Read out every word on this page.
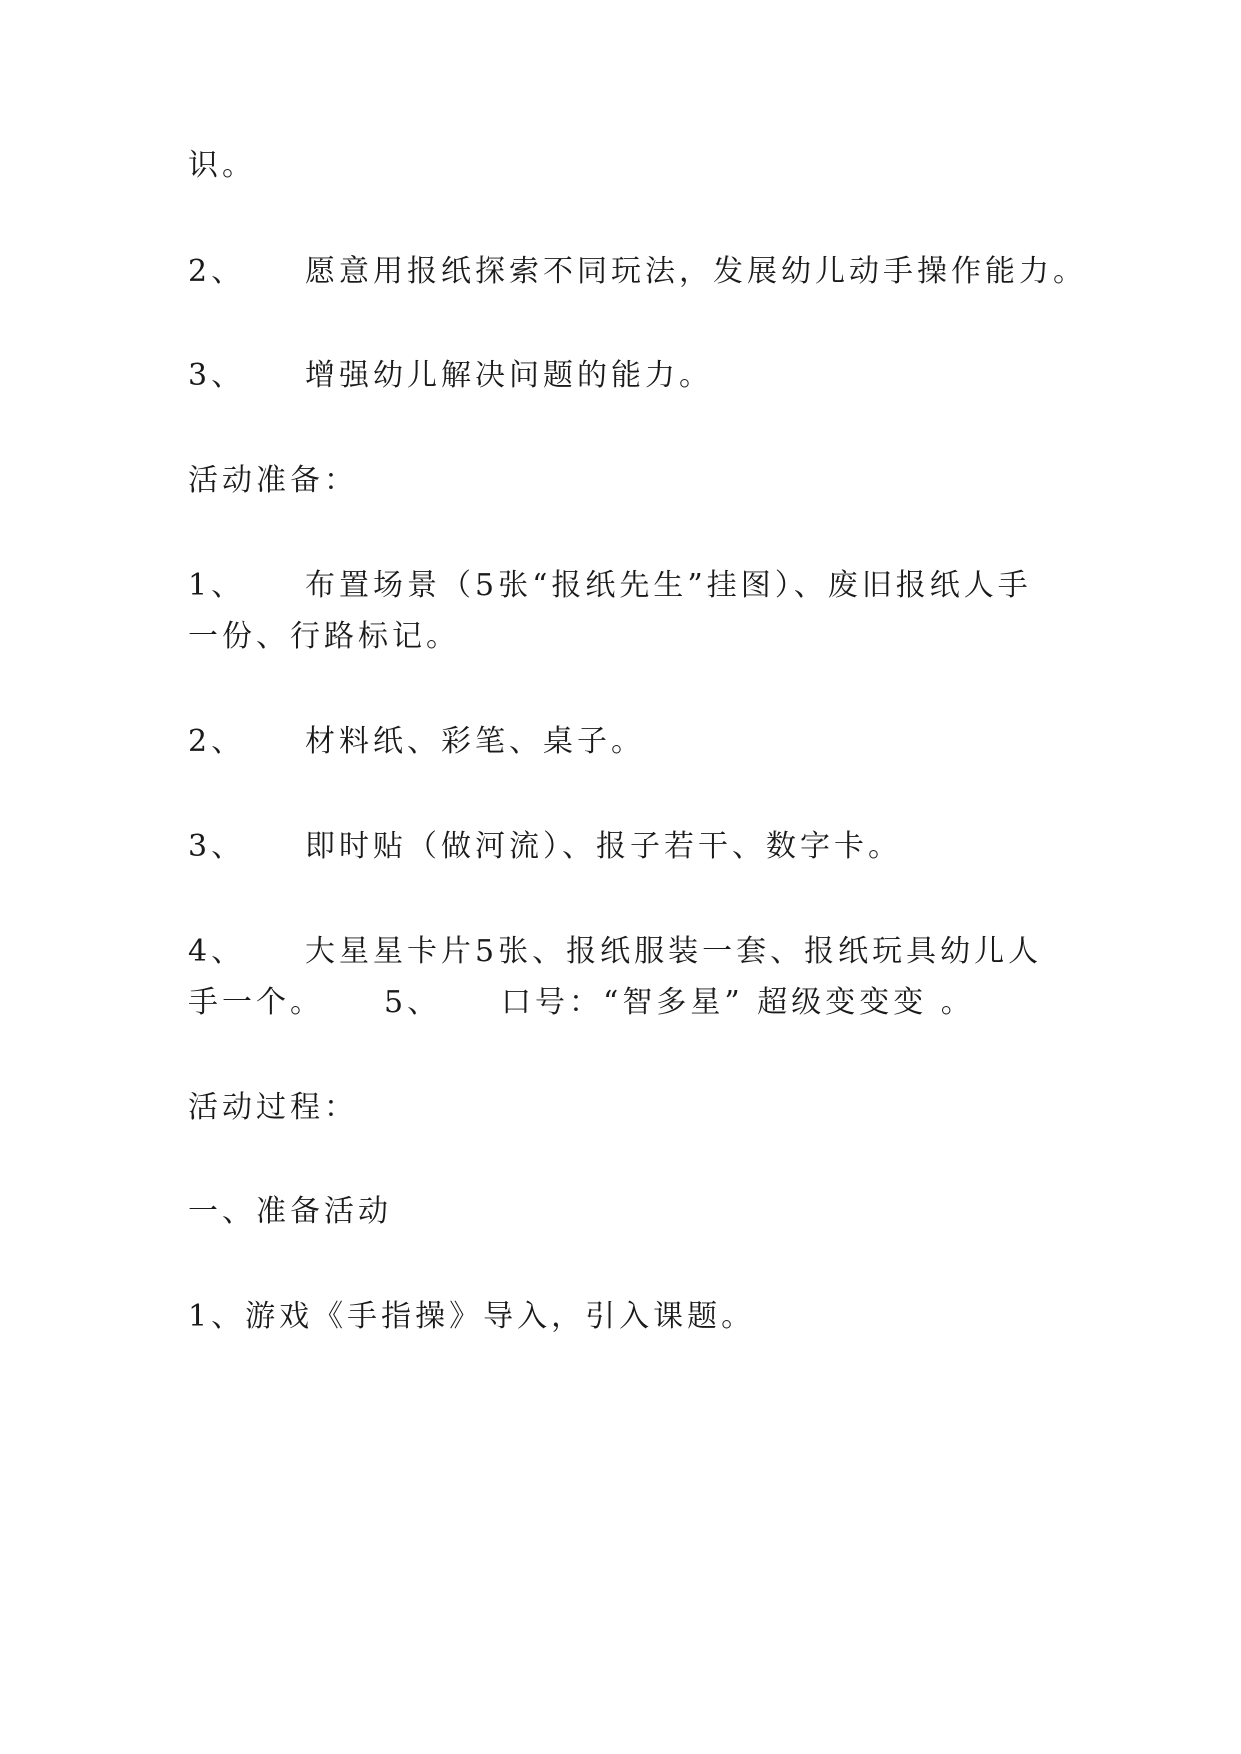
识。
2、 愿意用报纸探索不同玩法，发展幼儿动手操作能力。
3、 增强幼儿解决问题的能力。
活动准备：
1、 布置场景（5张“报纸先生”挂图）、废旧报纸人手
一份、行路标记。
2、 材料纸、彩笔、桌子。
3、 即时贴（做河流）、报子若干、数字卡。
4、 大星星卡片5张、报纸服装一套、报纸玩具幼儿人
手一个。 5、 口号：“智多星” 超级变变变 。
活动过程：
一、准备活动
1、游戏《手指操》导入，引入课题。
